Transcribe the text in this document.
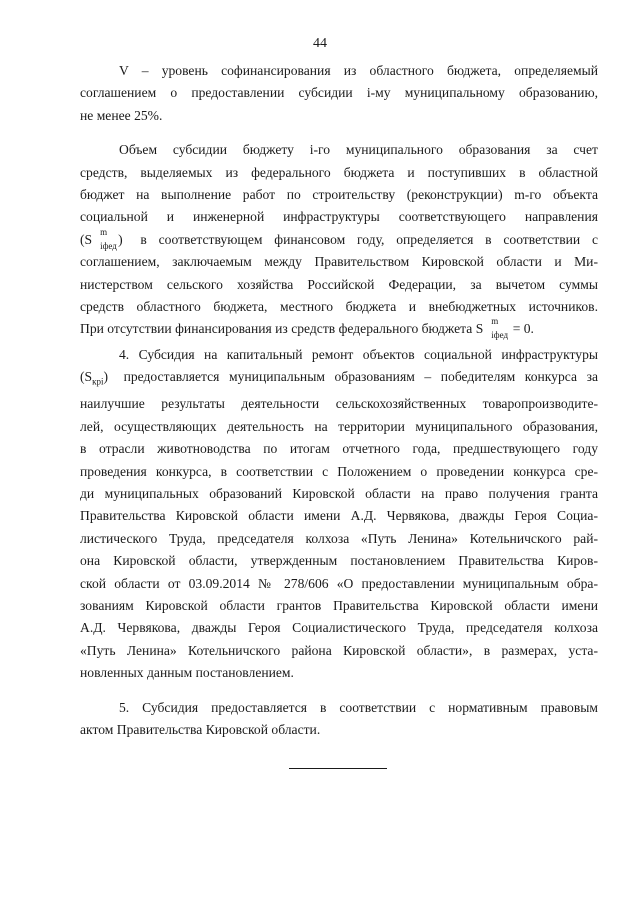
44

V – уровень софинансирования из областного бюджета, определяемый
соглашением о предоставлении субсидии i-му муниципальному образованию,
не менее 25%.

Объем субсидии бюджету i-го муниципального образования за счет
средств, выделяемых из федерального бюджета и поступивших в областной
бюджет на выполнение работ по строительству (реконструкции) m-го объекта
социальной и инженерной инфраструктуры соответствующего направления
(S m
iфед ) в соответствующем финансовом году, определяется в соответствии с
соглашением, заключаемым между Правительством Кировской области и Ми-
нистерством сельского хозяйства Российской Федерации, за вычетом суммы
средств областного бюджета, местного бюджета и внебюджетных источников.
При отсутствии финансирования из средств федерального бюджета S m
iфед = 0.

4. Субсидия на капитальный ремонт объектов социальной инфраструктуры
$(S_{крi})$ предоставляется муниципальным образованиям – победителям конкурса за
наилучшие результаты деятельности сельскохозяйственных товаропроизводите-
лей, осуществляющих деятельность на территории муниципального образования,
в отрасли животноводства по итогам отчетного года, предшествующего году
проведения конкурса, в соответствии с Положением о проведении конкурса сре-
ди муниципальных образований Кировской области на право получения гранта
Правительства Кировской области имени А.Д. Червякова, дважды Героя Социа-
листического Труда, председателя колхоза «Путь Ленина» Котельничского рай-
она Кировской области, утвержденным постановлением Правительства Киров-
ской области от 03.09.2014 № 278/606 «О предоставлении муниципальным обра-
зованиям Кировской области грантов Правительства Кировской области имени
А.Д. Червякова, дважды Героя Социалистического Труда, председателя колхоза
«Путь Ленина» Котельничского района Кировской области», в размерах, уста-
новленных данным постановлением.

5. Субсидия предоставляется в соответствии с нормативным правовым
актом Правительства Кировской области.
